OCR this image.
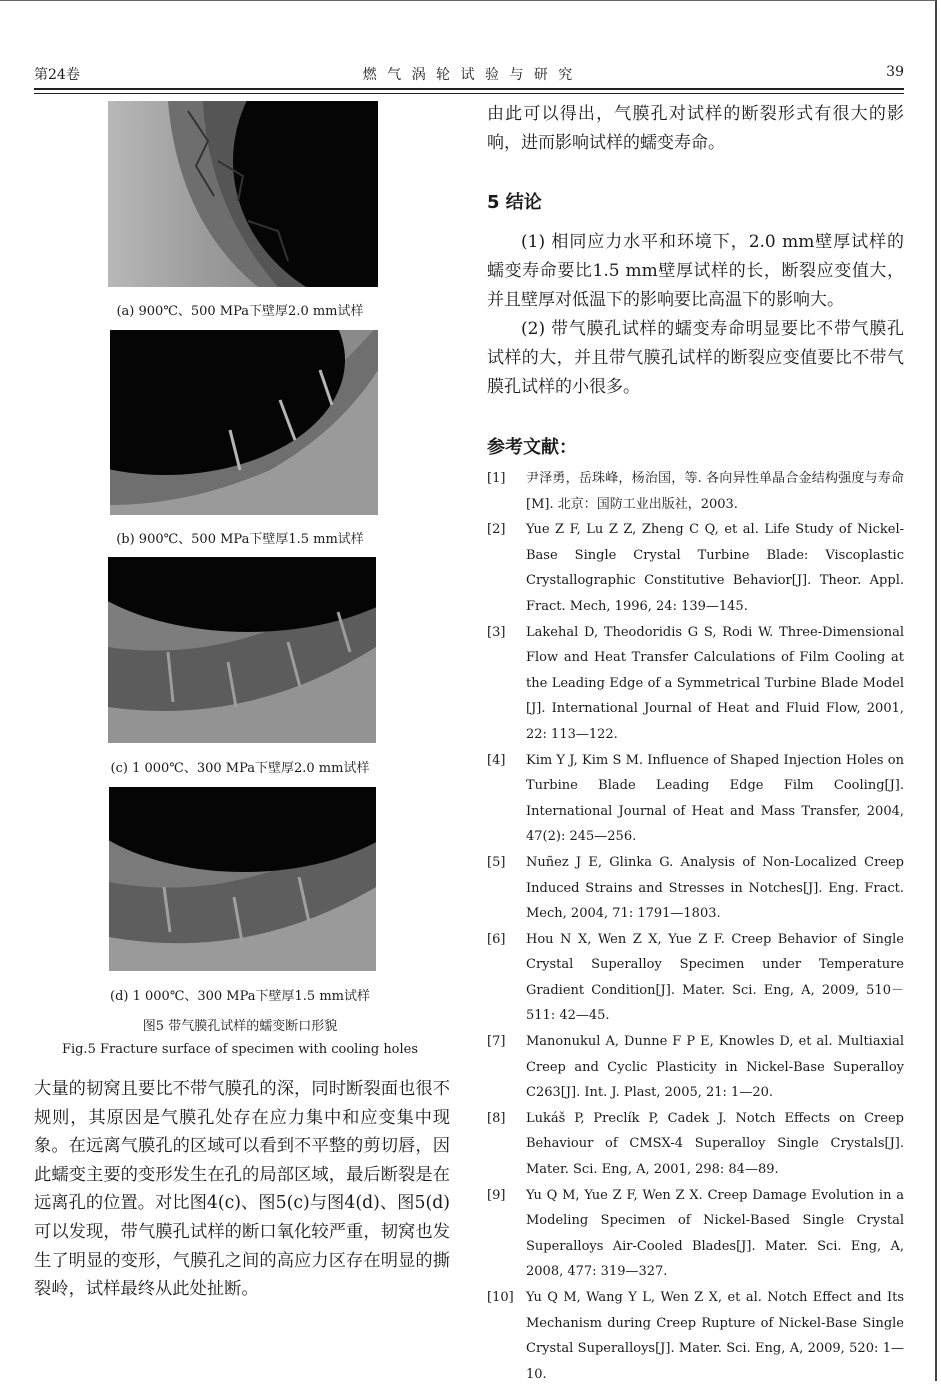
第24卷	燃 气 涡 轮 试 验 与 研 究	39
(a) 900℃、500 MPa下壁厚2.0 mm试样
(b) 900℃、500 MPa下壁厚1.5 mm试样
(c) 1 000℃、300 MPa下壁厚2.0 mm试样
(d) 1 000℃、300 MPa下壁厚1.5 mm试样
图5 带气膜孔试样的蠕变断口形貌
Fig.5 Fracture surface of specimen with cooling holes
大量的韧窝且要比不带气膜孔的深，同时断裂面也很不规则，其原因是气膜孔处存在应力集中和应变集中现象。在远离气膜孔的区域可以看到不平整的剪切唇，因此蠕变主要的变形发生在孔的局部区域，最后断裂是在远离孔的位置。对比图4(c)、图5(c)与图4(d)、图5(d)可以发现，带气膜孔试样的断口氧化较严重，韧窝也发生了明显的变形，气膜孔之间的高应力区存在明显的撕裂岭，试样最终从此处扯断。

由此可以得出，气膜孔对试样的断裂形式有很大的影响，进而影响试样的蠕变寿命。

5 结论

(1) 相同应力水平和环境下，2.0 mm壁厚试样的蠕变寿命要比1.5 mm壁厚试样的长，断裂应变值大，并且壁厚对低温下的影响要比高温下的影响大。

(2) 带气膜孔试样的蠕变寿命明显要比不带气膜孔试样的大，并且带气膜孔试样的断裂应变值要比不带气膜孔试样的小很多。

参考文献：

[1] 尹泽勇，岳珠峰，杨治国，等. 各向异性单晶合金结构强度与寿命[M]. 北京：国防工业出版社，2003.
[2] Yue Z F, Lu Z Z, Zheng C Q, et al. Life Study of Nickel-Base Single Crystal Turbine Blade: Viscoplastic Crystallographic Constitutive Behavior[J]. Theor. Appl. Fract. Mech, 1996, 24: 139—145.
[3] Lakehal D, Theodoridis G S, Rodi W. Three-Dimensional Flow and Heat Transfer Calculations of Film Cooling at the Leading Edge of a Symmetrical Turbine Blade Model [J]. International Journal of Heat and Fluid Flow, 2001, 22: 113—122.
[4] Kim Y J, Kim S M. Influence of Shaped Injection Holes on Turbine Blade Leading Edge Film Cooling[J]. International Journal of Heat and Mass Transfer, 2004, 47(2): 245—256.
[5] Nuñez J E, Glinka G. Analysis of Non-Localized Creep Induced Strains and Stresses in Notches[J]. Eng. Fract. Mech, 2004, 71: 1791—1803.
[6] Hou N X, Wen Z X, Yue Z F. Creep Behavior of Single Crystal Superalloy Specimen under Temperature Gradient Condition[J]. Mater. Sci. Eng, A, 2009, 510－511: 42—45.
[7] Manonukul A, Dunne F P E, Knowles D, et al. Multiaxial Creep and Cyclic Plasticity in Nickel-Base Superalloy C263[J]. Int. J. Plast, 2005, 21: 1—20.
[8] Lukáš P, Preclík P, Cadek J. Notch Effects on Creep Behaviour of CMSX-4 Superalloy Single Crystals[J]. Mater. Sci. Eng, A, 2001, 298: 84—89.
[9] Yu Q M, Yue Z F, Wen Z X. Creep Damage Evolution in a Modeling Specimen of Nickel-Based Single Crystal Superalloys Air-Cooled Blades[J]. Mater. Sci. Eng, A, 2008, 477: 319—327.
[10] Yu Q M, Wang Y L, Wen Z X, et al. Notch Effect and Its Mechanism during Creep Rupture of Nickel-Base Single Crystal Superalloys[J]. Mater. Sci. Eng, A, 2009, 520: 1—10.
